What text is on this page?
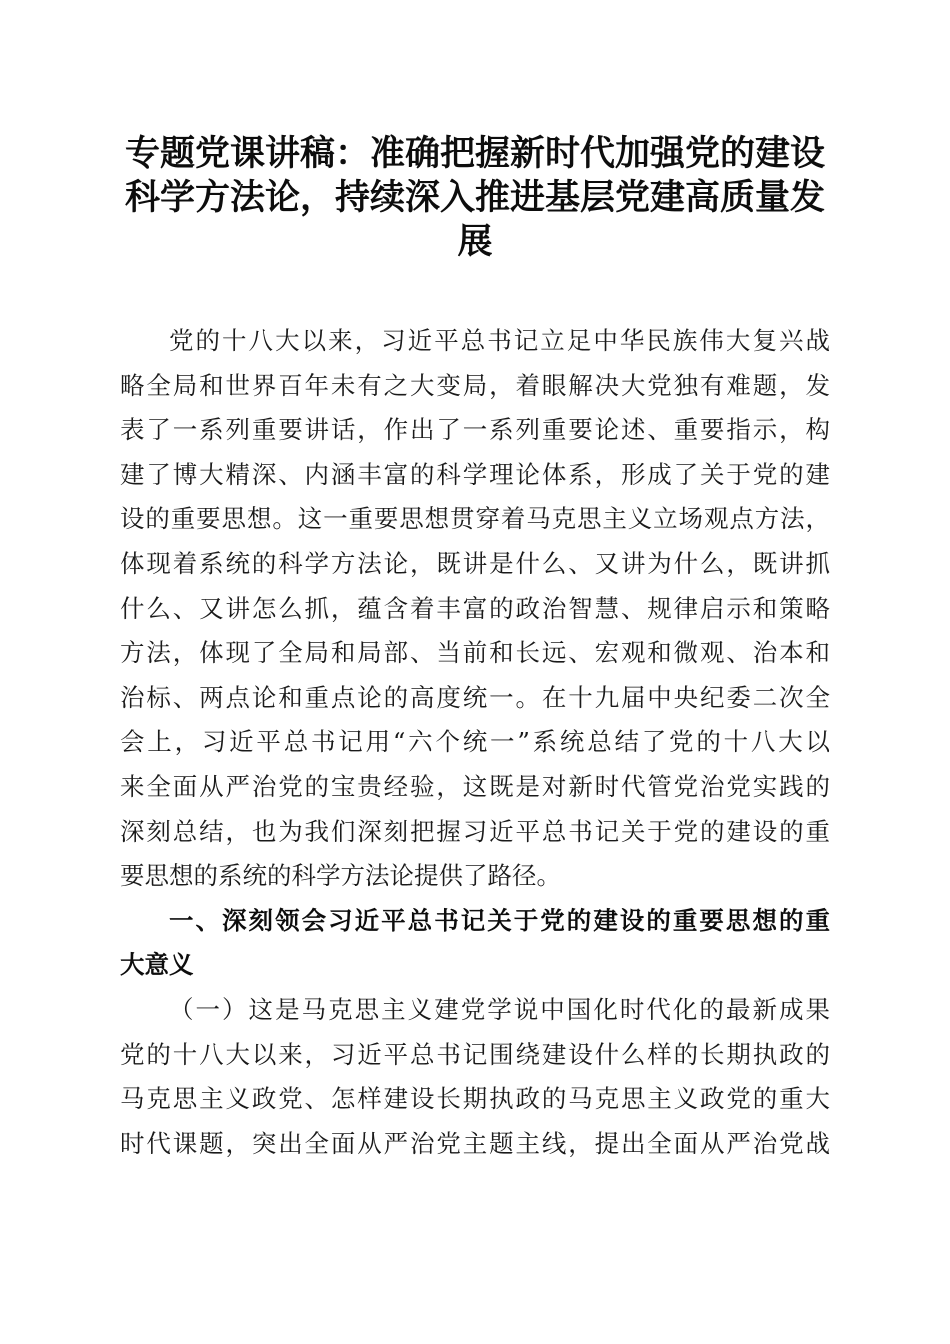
专题党课讲稿：准确把握新时代加强党的建设
科学方法论，持续深入推进基层党建高质量发
展
党的十八大以来，习近平总书记立足中华民族伟大复兴战
略全局和世界百年未有之大变局，着眼解决大党独有难题，发
表了一系列重要讲话，作出了一系列重要论述、重要指示，构
建了博大精深、内涵丰富的科学理论体系，形成了关于党的建
设的重要思想。这一重要思想贯穿着马克思主义立场观点方法，
体现着系统的科学方法论，既讲是什么、又讲为什么，既讲抓
什么、又讲怎么抓，蕴含着丰富的政治智慧、规律启示和策略
方法，体现了全局和局部、当前和长远、宏观和微观、治本和
治标、两点论和重点论的高度统一。在十九届中央纪委二次全
会上，习近平总书记用“六个统一”系统总结了党的十八大以
来全面从严治党的宝贵经验，这既是对新时代管党治党实践的
深刻总结，也为我们深刻把握习近平总书记关于党的建设的重
要思想的系统的科学方法论提供了路径。
一、深刻领会习近平总书记关于党的建设的重要思想的重
大意义
（一）这是马克思主义建党学说中国化时代化的最新成果
党的十八大以来，习近平总书记围绕建设什么样的长期执政的
马克思主义政党、怎样建设长期执政的马克思主义政党的重大
时代课题，突出全面从严治党主题主线，提出全面从严治党战
